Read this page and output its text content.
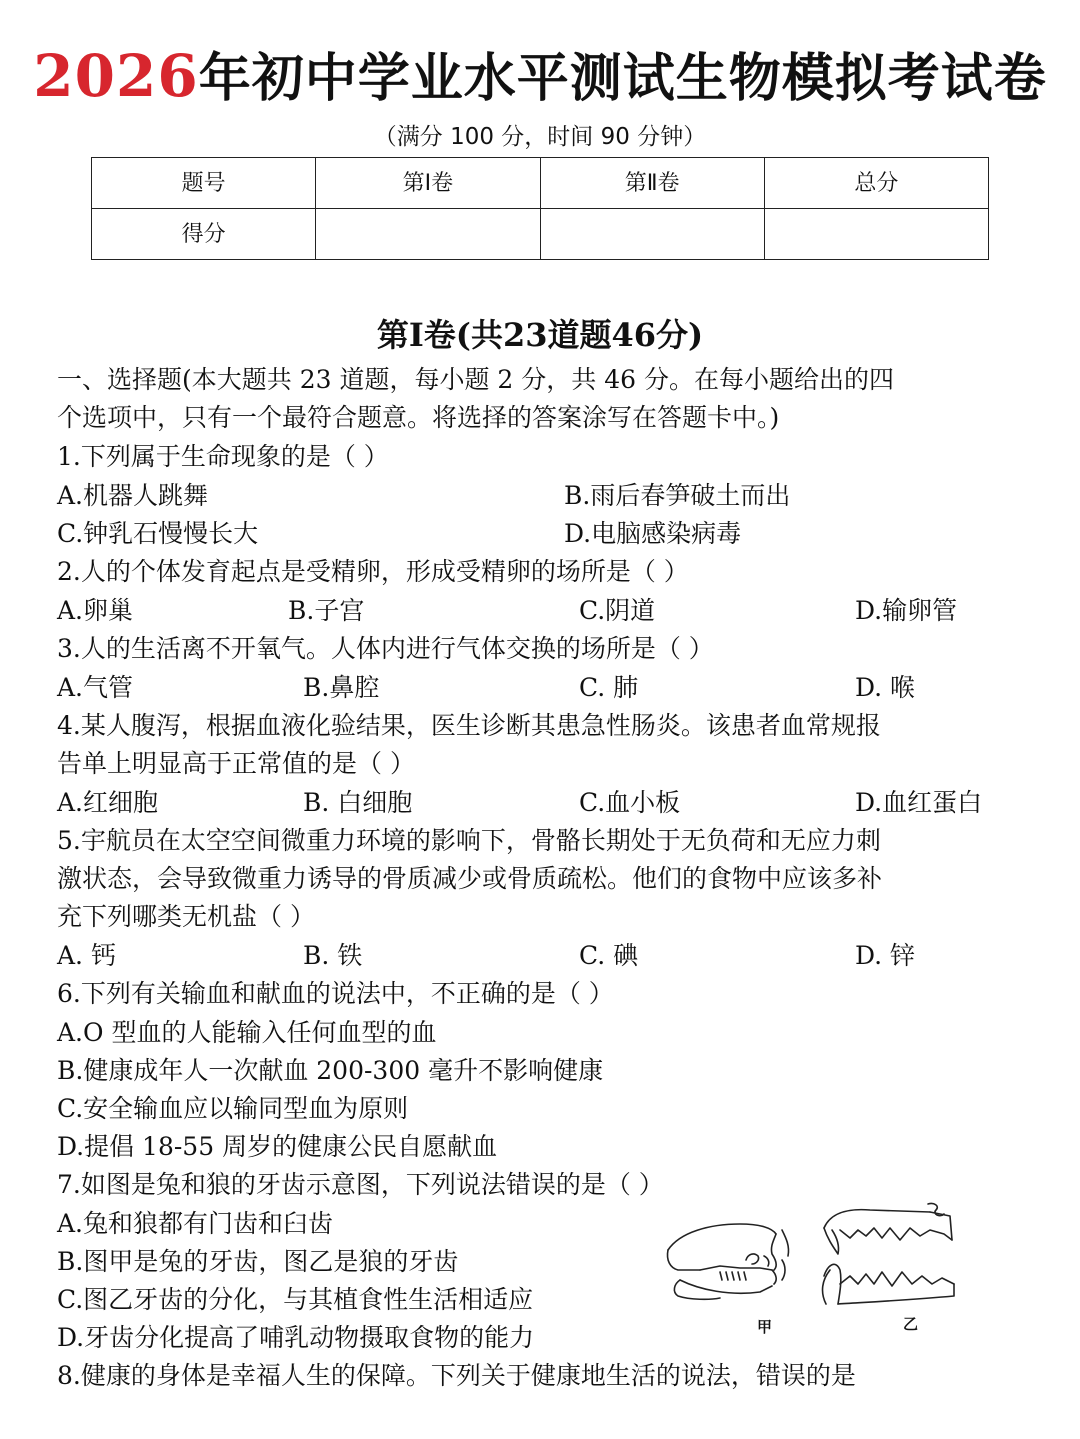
2026年初中学业水平测试生物模拟考试卷
（满分 100 分，时间 90 分钟）
题号	第Ⅰ卷	第Ⅱ卷	总分
得分			
第Ⅰ卷(共23道题46分)
一、选择题(本大题共 23 道题，每小题 2 分，共 46 分。在每小题给出的四
个选项中，只有一个最符合题意。将选择的答案涂写在答题卡中。)
1.下列属于生命现象的是（ ）
A.机器人跳舞	B.雨后春笋破土而出
C.钟乳石慢慢长大	D.电脑感染病毒
2.人的个体发育起点是受精卵，形成受精卵的场所是（ ）
A.卵巢	B.子宫	C.阴道	D.输卵管
3.人的生活离不开氧气。人体内进行气体交换的场所是（ ）
A.气管	B.鼻腔	C. 肺	D. 喉
4.某人腹泻，根据血液化验结果，医生诊断其患急性肠炎。该患者血常规报
告单上明显高于正常值的是（ ）
A.红细胞	B. 白细胞	C.血小板	D.血红蛋白
5.宇航员在太空空间微重力环境的影响下，骨骼长期处于无负荷和无应力刺
激状态，会导致微重力诱导的骨质减少或骨质疏松。他们的食物中应该多补
充下列哪类无机盐（ ）
A. 钙	B. 铁	C. 碘	D. 锌
6.下列有关输血和献血的说法中，不正确的是（ ）
A.O 型血的人能输入任何血型的血
B.健康成年人一次献血 200-300 毫升不影响健康
C.安全输血应以输同型血为原则
D.提倡 18-55 周岁的健康公民自愿献血
7.如图是兔和狼的牙齿示意图，下列说法错误的是（ ）
A.兔和狼都有门齿和臼齿
B.图甲是兔的牙齿，图乙是狼的牙齿
C.图乙牙齿的分化，与其植食性生活相适应
D.牙齿分化提高了哺乳动物摄取食物的能力	甲	乙
8.健康的身体是幸福人生的保障。下列关于健康地生活的说法，错误的是
